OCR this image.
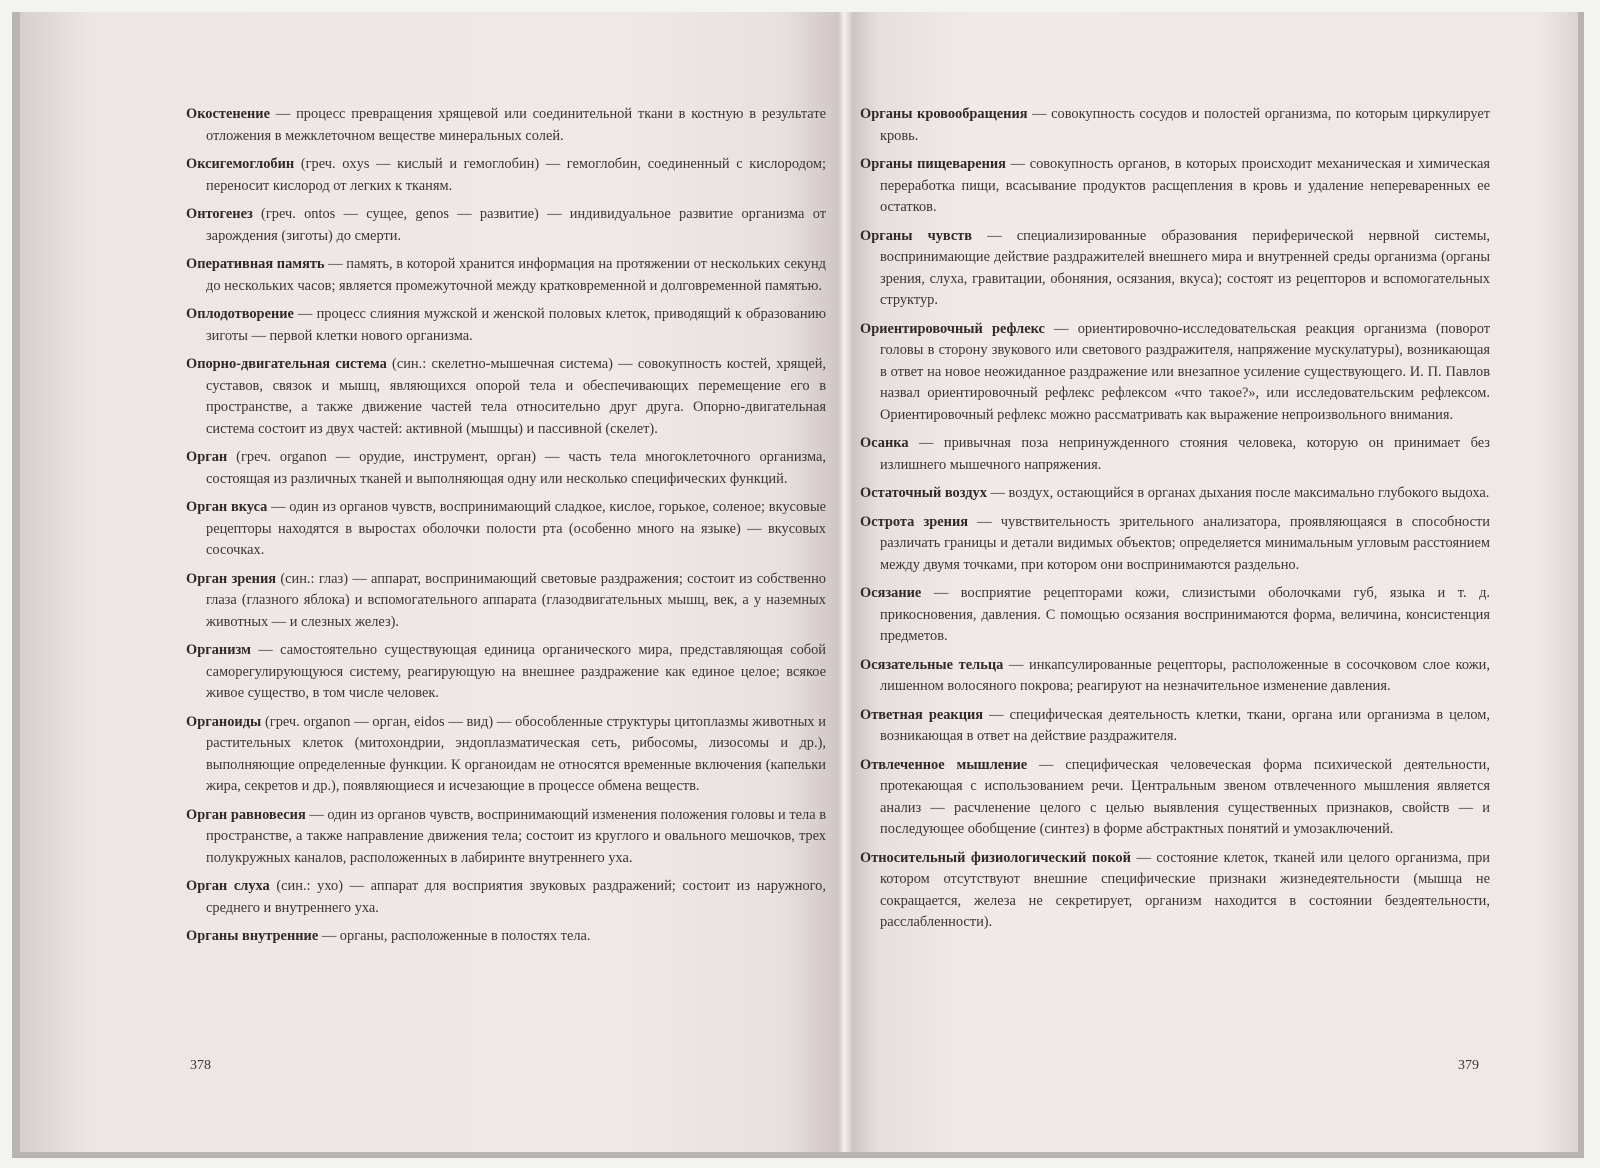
Окостенение — процесс превращения хрящевой или соединительной ткани в костную в результате отложения в межклеточном веществе минеральных солей.

Оксигемоглобин (греч. oxys — кислый и гемоглобин) — гемоглобин, соединенный с кислородом; переносит кислород от легких к тканям.

Онтогенез (греч. ontos — сущее, genos — развитие) — индивидуальное развитие организма от зарождения (зиготы) до смерти.

Оперативная память — память, в которой хранится информация на протяжении от нескольких секунд до нескольких часов; является промежуточной между кратковременной и долговременной памятью.

Оплодотворение — процесс слияния мужской и женской половых клеток, приводящий к образованию зиготы — первой клетки нового организма.

Опорно-двигательная система (син.: скелетно-мышечная система) — совокупность костей, хрящей, суставов, связок и мышц, являющихся опорой тела и обеспечивающих перемещение его в пространстве, а также движение частей тела относительно друг друга. Опорно-двигательная система состоит из двух частей: активной (мышцы) и пассивной (скелет).

Орган (греч. organon — орудие, инструмент, орган) — часть тела многоклеточного организма, состоящая из различных тканей и выполняющая одну или несколько специфических функций.

Орган вкуса — один из органов чувств, воспринимающий сладкое, кислое, горькое, соленое; вкусовые рецепторы находятся в выростах оболочки полости рта (особенно много на языке) — вкусовых сосочках.

Орган зрения (син.: глаз) — аппарат, воспринимающий световые раздражения; состоит из собственно глаза (глазного яблока) и вспомогательного аппарата (глазодвигательных мышц, век, а у наземных животных — и слезных желез).

Организм — самостоятельно существующая единица органического мира, представляющая собой саморегулирующуюся систему, реагирующую на внешнее раздражение как единое целое; всякое живое существо, в том числе человек.

Органоиды (греч. organon — орган, eidos — вид) — обособленные структуры цитоплазмы животных и растительных клеток (митохондрии, эндоплазматическая сеть, рибосомы, лизосомы и др.), выполняющие определенные функции. К органоидам не относятся временные включения (капельки жира, секретов и др.), появляющиеся и исчезающие в процессе обмена веществ.

Орган равновесия — один из органов чувств, воспринимающий изменения положения головы и тела в пространстве, а также направление движения тела; состоит из круглого и овального мешочков, трех полукружных каналов, расположенных в лабиринте внутреннего уха.

Орган слуха (син.: ухо) — аппарат для восприятия звуковых раздражений; состоит из наружного, среднего и внутреннего уха.

Органы внутренние — органы, расположенные в полостях тела.

378

Органы кровообращения — совокупность сосудов и полостей организма, по которым циркулирует кровь.

Органы пищеварения — совокупность органов, в которых происходит механическая и химическая переработка пищи, всасывание продуктов расщепления в кровь и удаление непереваренных ее остатков.

Органы чувств — специализированные образования периферической нервной системы, воспринимающие действие раздражителей внешнего мира и внутренней среды организма (органы зрения, слуха, гравитации, обоняния, осязания, вкуса); состоят из рецепторов и вспомогательных структур.

Ориентировочный рефлекс — ориентировочно-исследовательская реакция организма (поворот головы в сторону звукового или светового раздражителя, напряжение мускулатуры), возникающая в ответ на новое неожиданное раздражение или внезапное усиление существующего. И. П. Павлов назвал ориентировочный рефлекс рефлексом «что такое?», или исследовательским рефлексом. Ориентировочный рефлекс можно рассматривать как выражение непроизвольного внимания.

Осанка — привычная поза непринужденного стояния человека, которую он принимает без излишнего мышечного напряжения.

Остаточный воздух — воздух, остающийся в органах дыхания после максимально глубокого выдоха.

Острота зрения — чувствительность зрительного анализатора, проявляющаяся в способности различать границы и детали видимых объектов; определяется минимальным угловым расстоянием между двумя точками, при котором они воспринимаются раздельно.

Осязание — восприятие рецепторами кожи, слизистыми оболочками губ, языка и т. д. прикосновения, давления. С помощью осязания воспринимаются форма, величина, консистенция предметов.

Осязательные тельца — инкапсулированные рецепторы, расположенные в сосочковом слое кожи, лишенном волосяного покрова; реагируют на незначительное изменение давления.

Ответная реакция — специфическая деятельность клетки, ткани, органа или организма в целом, возникающая в ответ на действие раздражителя.

Отвлеченное мышление — специфическая человеческая форма психической деятельности, протекающая с использованием речи. Центральным звеном отвлеченного мышления является анализ — расчленение целого с целью выявления существенных признаков, свойств — и последующее обобщение (синтез) в форме абстрактных понятий и умозаключений.

Относительный физиологический покой — состояние клеток, тканей или целого организма, при котором отсутствуют внешние специфические признаки жизнедеятельности (мышца не сокращается, железа не секретирует, организм находится в состоянии бездеятельности, расслабленности).

379
